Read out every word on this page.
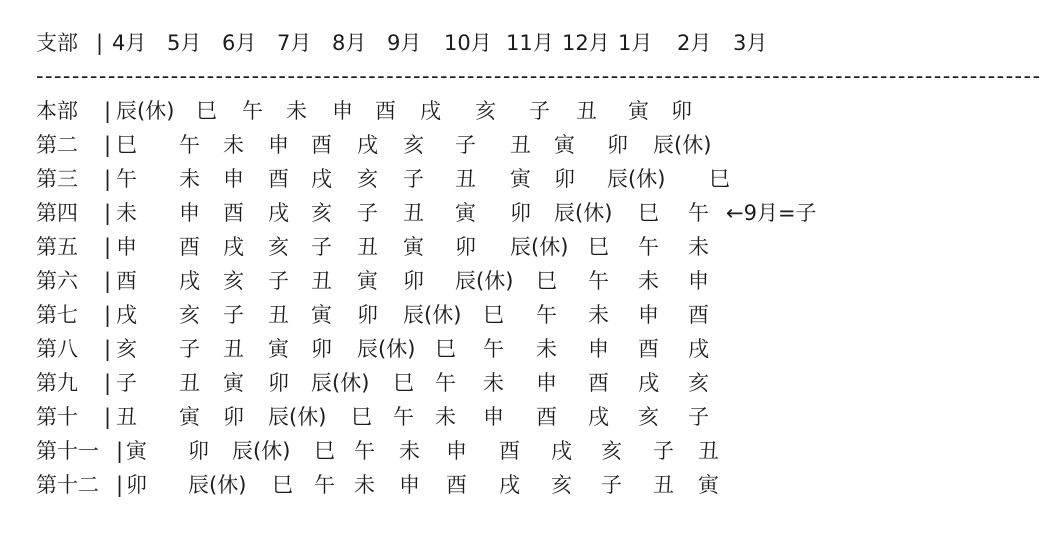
支部 | 4月 5月 6月 7月 8月 9月 10月 11月 12月 1月 2月 3月
----------------------------------------------------------------------------------------------------------------
本部 | 辰(休) 巳 午 未 申 酉 戌 亥 子 丑 寅 卯
第二 | 巳 午 未 申 酉 戌 亥 子 丑 寅 卯 辰(休)
第三 | 午 未 申 酉 戌 亥 子 丑 寅 卯 辰(休) 巳
第四 | 未 申 酉 戌 亥 子 丑 寅 卯 辰(休) 巳 午 ←9月=子
第五 | 申 酉 戌 亥 子 丑 寅 卯 辰(休) 巳 午 未
第六 | 酉 戌 亥 子 丑 寅 卯 辰(休) 巳 午 未 申
第七 | 戌 亥 子 丑 寅 卯 辰(休) 巳 午 未 申 酉
第八 | 亥 子 丑 寅 卯 辰(休) 巳 午 未 申 酉 戌
第九 | 子 丑 寅 卯 辰(休) 巳 午 未 申 酉 戌 亥
第十 | 丑 寅 卯 辰(休) 巳 午 未 申 酉 戌 亥 子
第十一 | 寅 卯 辰(休) 巳 午 未 申 酉 戌 亥 子 丑
第十二 | 卯 辰(休) 巳 午 未 申 酉 戌 亥 子 丑 寅
